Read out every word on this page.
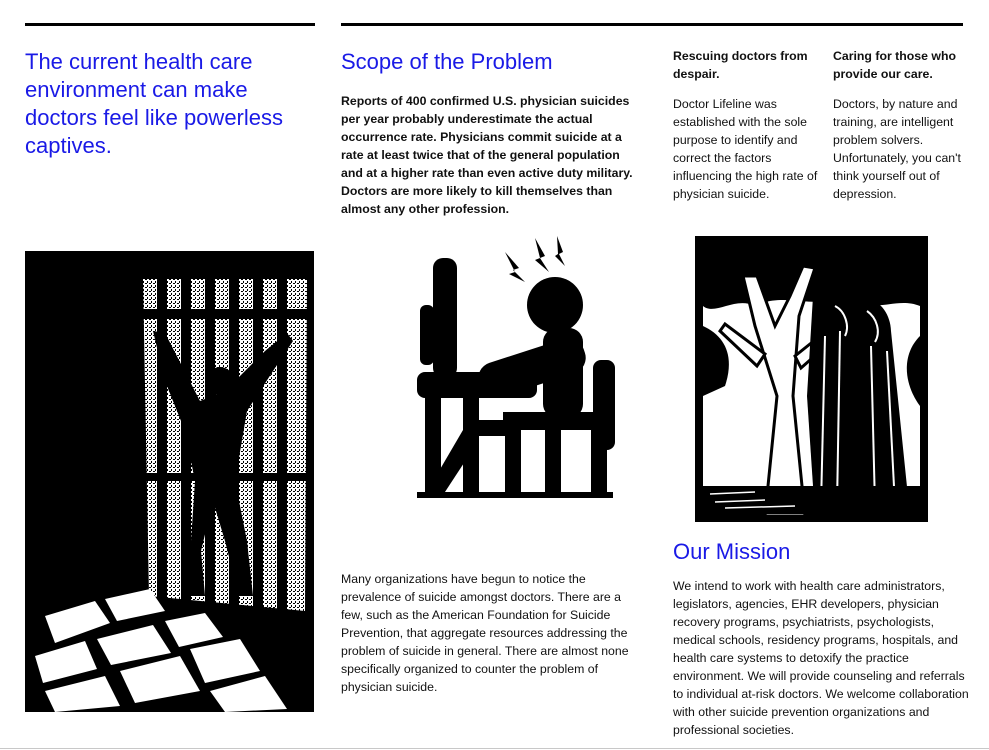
The current health care environment can make doctors feel like powerless captives.
Scope of the Problem

Reports of 400 confirmed U.S. physician suicides per year probably underestimate the actual occurrence rate. Physicians commit suicide at a rate at least twice that of the general population and at a higher rate than even active duty military. Doctors are more likely to kill themselves than almost any other profession.

Many organizations have begun to notice the prevalence of suicide amongst doctors. There are a few, such as the American Foundation for Suicide Prevention, that aggregate resources addressing the problem of suicide in general. There are almost none specifically organized to counter the problem of physician suicide.

Rescuing doctors from despair.

Doctor Lifeline was established with the sole purpose to identify and correct the factors influencing the high rate of physician suicide.

Caring for those who provide our care.

Doctors, by nature and training, are intelligent problem solvers. Unfortunately, you can't think yourself out of depression.

Our Mission

We intend to work with health care administrators, legislators, agencies, EHR developers, physician recovery programs, psychiatrists, psychologists, medical schools, residency programs, hospitals, and health care systems to detoxify the practice environment. We will provide counseling and referrals to individual at-risk doctors. We welcome collaboration with other suicide prevention organizations and professional societies.
